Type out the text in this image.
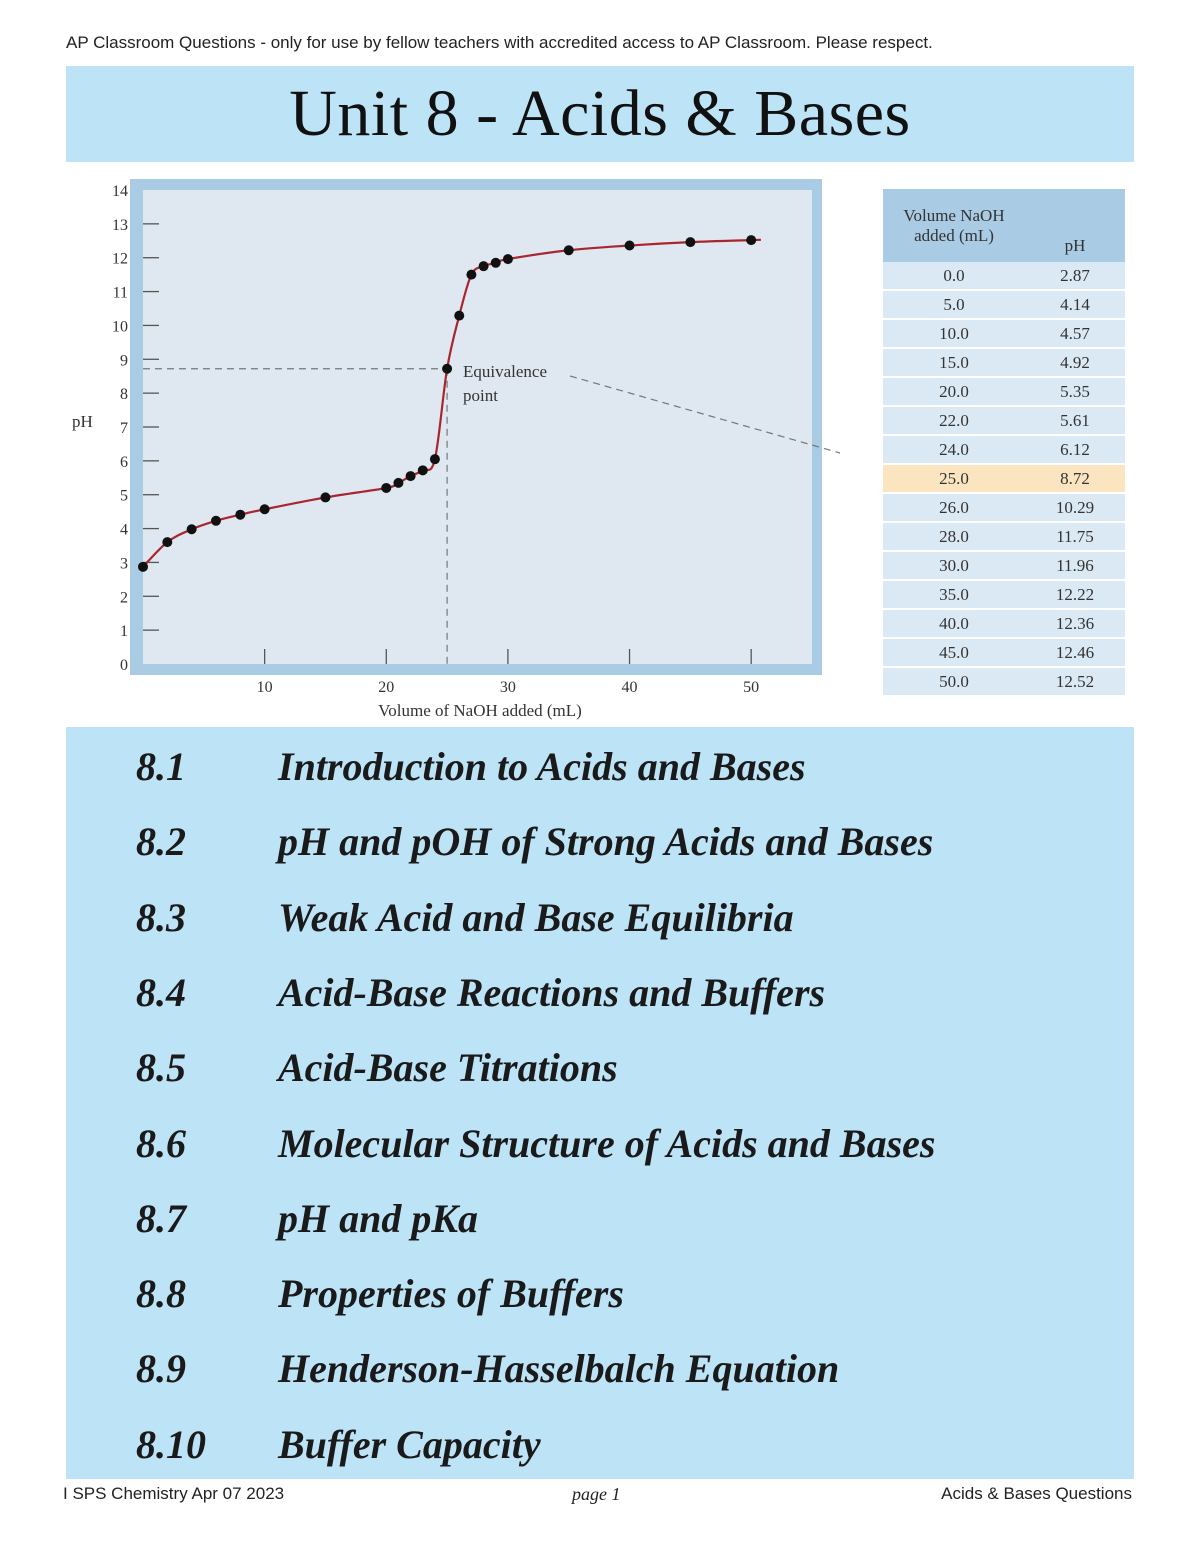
AP Classroom Questions - only for use by fellow teachers with accredited access to AP Classroom. Please respect.
Unit 8 - Acids & Bases
0
1
2
3
4
5
6
7
8
9
10
11
12
13
14
10	20	30	40	50
pH
Volume of NaOH added (mL)
Equivalence
point
Volume NaOH
added (mL)	pH
0.0	2.87
5.0	4.14
10.0	4.57
15.0	4.92
20.0	5.35
22.0	5.61
24.0	6.12
25.0	8.72
26.0	10.29
28.0	11.75
30.0	11.96
35.0	12.22
40.0	12.36
45.0	12.46
50.0	12.52
8.1 Introduction to Acids and Bases
8.2 pH and pOH of Strong Acids and Bases
8.3 Weak Acid and Base Equilibria
8.4 Acid-Base Reactions and Buffers
8.5 Acid-Base Titrations
8.6 Molecular Structure of Acids and Bases
8.7 pH and pKa
8.8 Properties of Buffers
8.9 Henderson-Hasselbalch Equation
8.10 Buffer Capacity
I SPS Chemistry Apr 07 2023	page 1	Acids & Bases Questions
